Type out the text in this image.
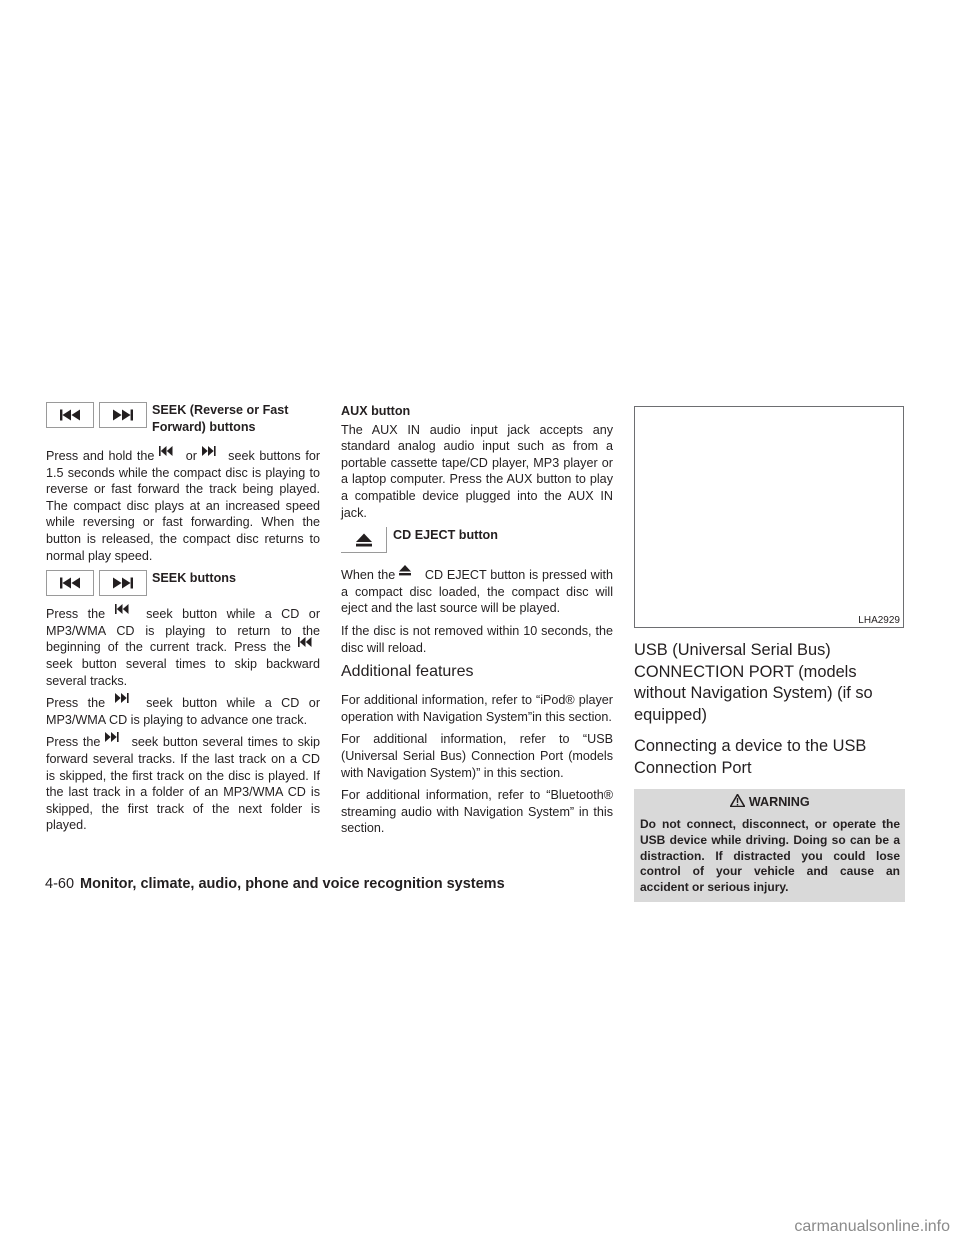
SEEK (Reverse or Fast
Forward) buttons

Press and hold the or seek buttons for 1.5 seconds while the compact disc is playing to reverse or fast forward the track being played. The compact disc plays at an increased speed while reversing or fast forwarding. When the button is released, the compact disc returns to normal play speed.

SEEK buttons

Press the	seek button while a CD or MP3/WMA CD is playing to return to the beginning of the current track. Press the
seek button several times to skip backward several tracks.

Press the	seek button while a CD or MP3/WMA CD is playing to advance one track.

Press the seek button several times to skip forward several tracks. If the last track on a CD is skipped, the first track on the disc is played. If the last track in a folder of an MP3/WMA CD is skipped, the first track of the next folder is played.

AUX button

The AUX IN audio input jack accepts any standard analog audio input such as from a portable cassette tape/CD player, MP3 player or a laptop computer. Press the AUX button to play a compatible device plugged into the AUX IN jack.

CD EJECT button

When the CD EJECT button is pressed with a compact disc loaded, the compact disc will eject and the last source will be played.

If the disc is not removed within 10 seconds, the disc will reload.

Additional features

For additional information, refer to “iPod® player operation with Navigation System”in this section.

For additional information, refer to “USB (Universal Serial Bus) Connection Port (models with Navigation System)” in this section.

For additional information, refer to “Bluetooth® streaming audio with Navigation System” in this section.

LHA2929
USB (Universal Serial Bus) CONNECTION PORT (models without Navigation System) (if so equipped)
Connecting a device to the USB Connection Port
WARNING
Do not connect, disconnect, or operate the USB device while driving. Doing so can be a distraction. If distracted you could lose control of your vehicle and cause an accident or serious injury.
4-60 Monitor, climate, audio, phone and voice recognition systems
carmanualsonline.info
